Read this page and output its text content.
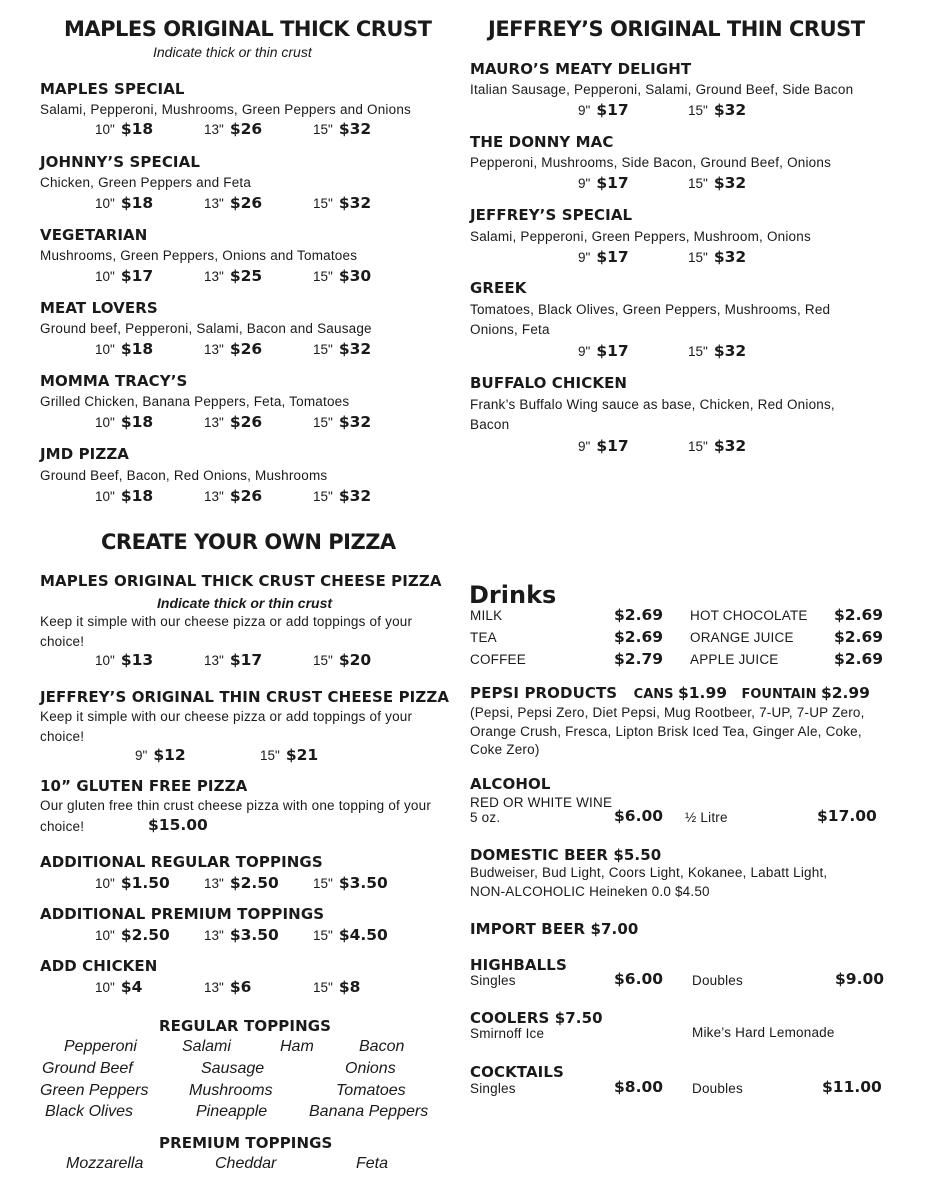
MAPLES ORIGINAL THICK CRUST
Indicate thick or thin crust
MAPLES SPECIAL
Salami, Pepperoni, Mushrooms, Green Peppers and Onions
10" $18	13" $26	15" $32
JOHNNY’S SPECIAL
Chicken, Green Peppers and Feta
10" $18	13" $26	15" $32
VEGETARIAN
Mushrooms, Green Peppers, Onions and Tomatoes
10" $17	13" $25	15" $30
MEAT LOVERS
Ground beef, Pepperoni, Salami, Bacon and Sausage
10" $18	13" $26	15" $32
MOMMA TRACY’S
Grilled Chicken, Banana Peppers, Feta, Tomatoes
10" $18	13" $26	15" $32
JMD PIZZA
Ground Beef, Bacon, Red Onions, Mushrooms
10" $18	13" $26	15" $32
JEFFREY’S ORIGINAL THIN CRUST
MAURO’S MEATY DELIGHT
Italian Sausage, Pepperoni, Salami, Ground Beef, Side Bacon
9" $17	15" $32
THE DONNY MAC
Pepperoni, Mushrooms, Side Bacon, Ground Beef, Onions
9" $17	15" $32
JEFFREY’S SPECIAL
Salami, Pepperoni, Green Peppers, Mushroom, Onions
9" $17	15" $32
GREEK
Tomatoes, Black Olives, Green Peppers, Mushrooms, Red Onions, Feta
9" $17	15" $32
BUFFALO CHICKEN
Frank’s Buffalo Wing sauce as base, Chicken, Red Onions, Bacon
9" $17	15" $32
CREATE YOUR OWN PIZZA
MAPLES ORIGINAL THICK CRUST CHEESE PIZZA
Indicate thick or thin crust
Keep it simple with our cheese pizza or add toppings of your choice!
10" $13	13" $17	15" $20
JEFFREY’S ORIGINAL THIN CRUST CHEESE PIZZA
Keep it simple with our cheese pizza or add toppings of your choice!
9" $12	15" $21
10” GLUTEN FREE PIZZA
Our gluten free thin crust cheese pizza with one topping of your
choice!	$15.00
ADDITIONAL REGULAR TOPPINGS
10" $1.50	13" $2.50	15" $3.50
ADDITIONAL PREMIUM TOPPINGS
10" $2.50	13" $3.50	15" $4.50
ADD CHICKEN
10" $4	13" $6	15" $8
REGULAR TOPPINGS
Pepperoni	Salami	Ham	Bacon
Ground Beef	Sausage	Onions
Green Peppers	Mushrooms	Tomatoes
Black Olives	Pineapple	Banana Peppers
PREMIUM TOPPINGS
Mozzarella	Cheddar	Feta
Drinks
MILK	$2.69 HOT CHOCOLATE $2.69
TEA	$2.69 ORANGE JUICE	$2.69
COFFEE	$2.79 APPLE JUICE	$2.69
PEPSI PRODUCTS CANS $1.99 FOUNTAIN $2.99
(Pepsi, Pepsi Zero, Diet Pepsi, Mug Rootbeer, 7-UP, 7-UP Zero, Orange Crush, Fresca, Lipton Brisk Iced Tea, Ginger Ale, Coke, Coke Zero)
ALCOHOL
RED OR WHITE WINE
5 oz.	$6.00 ½ Litre	$17.00
DOMESTIC BEER $5.50
Budweiser, Bud Light, Coors Light, Kokanee, Labatt Light, NON-ALCOHOLIC Heineken 0.0 $4.50
IMPORT BEER $7.00
HIGHBALLS
Singles	$6.00 Doubles	$9.00
COOLERS $7.50
Smirnoff Ice	Mike’s Hard Lemonade
COCKTAILS
Singles	$8.00 Doubles	$11.00
